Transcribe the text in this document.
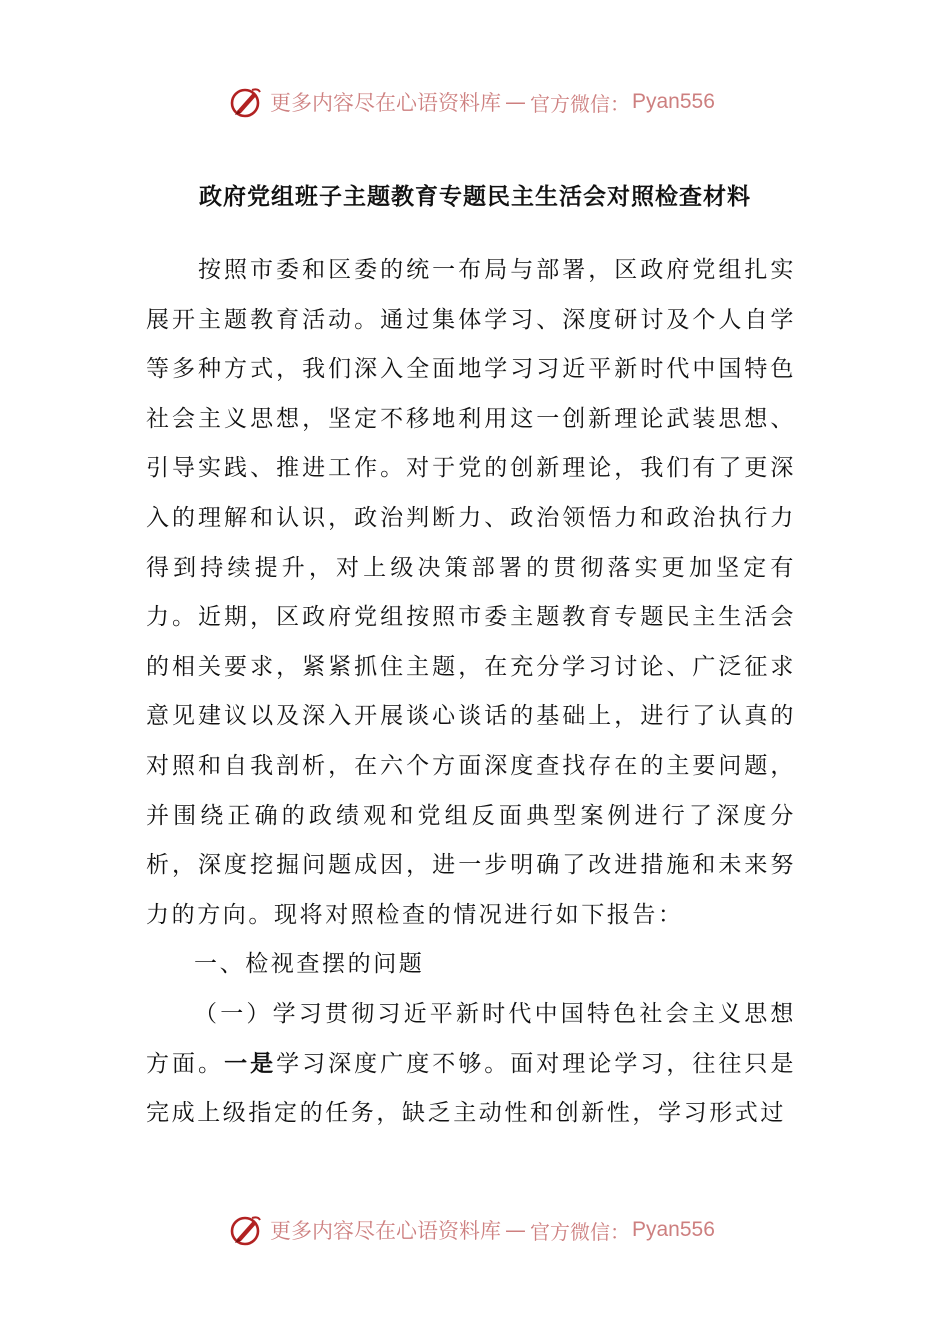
更多内容尽在心语资料库 — 官方微信： Pyan556
政府党组班子主题教育专题民主生活会对照检查材料

按照市委和区委的统一布局与部署，区政府党组扎实展开主题教育活动。通过集体学习、深度研讨及个人自学等多种方式，我们深入全面地学习习近平新时代中国特色社会主义思想，坚定不移地利用这一创新理论武装思想、引导实践、推进工作。对于党的创新理论，我们有了更深入的理解和认识，政治判断力、政治领悟力和政治执行力得到持续提升，对上级决策部署的贯彻落实更加坚定有力。近期，区政府党组按照市委主题教育专题民主生活会的相关要求，紧紧抓住主题，在充分学习讨论、广泛征求意见建议以及深入开展谈心谈话的基础上，进行了认真的对照和自我剖析，在六个方面深度查找存在的主要问题，并围绕正确的政绩观和党组反面典型案例进行了深度分析，深度挖掘问题成因，进一步明确了改进措施和未来努力的方向。现将对照检查的情况进行如下报告：

一、检视查摆的问题

（一）学习贯彻习近平新时代中国特色社会主义思想方面。一是学习深度广度不够。面对理论学习，往往只是完成上级指定的任务，缺乏主动性和创新性，学习形式过

更多内容尽在心语资料库 — 官方微信： Pyan556
